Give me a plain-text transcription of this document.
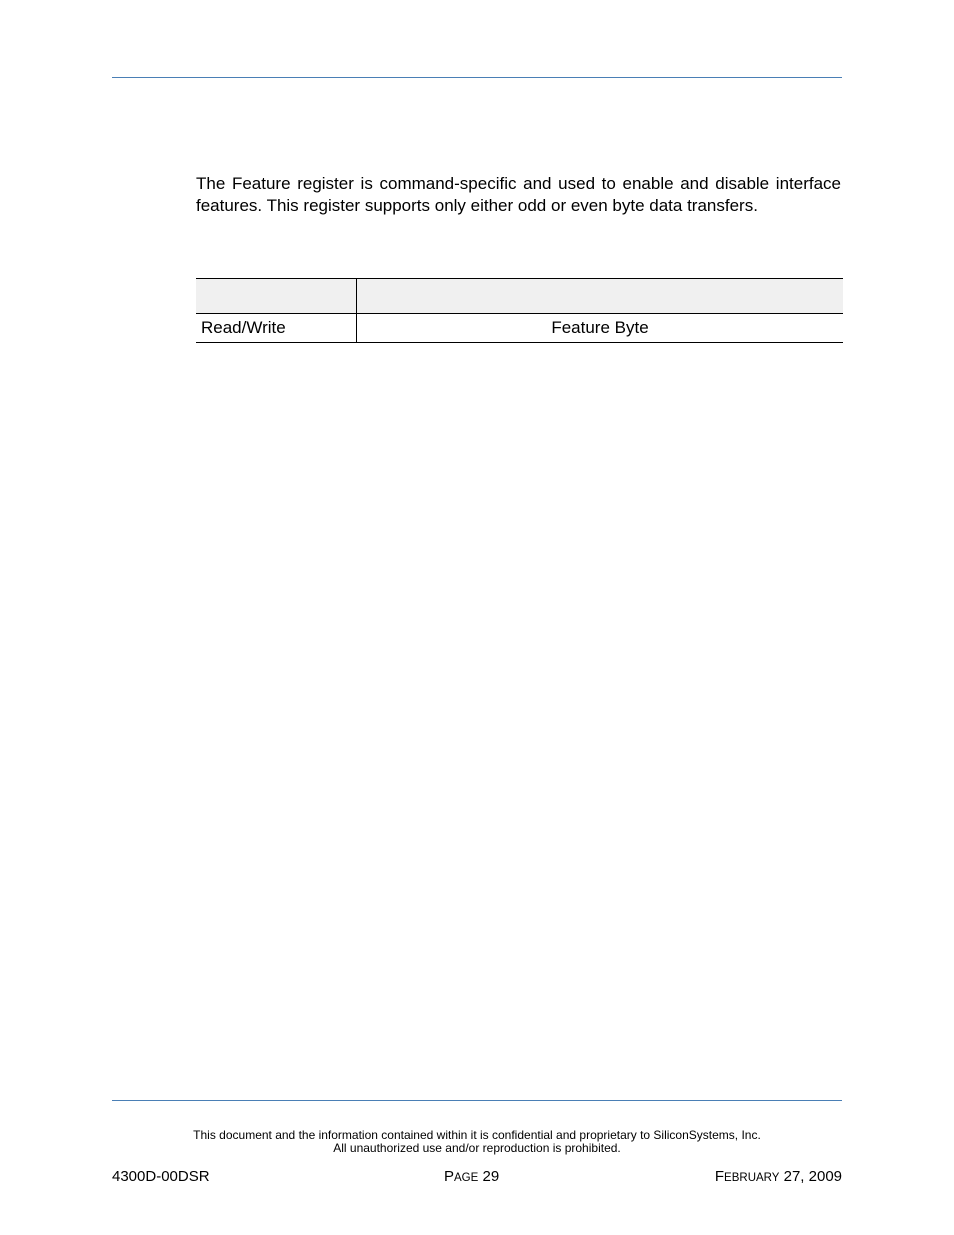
The Feature register is command-specific and used to enable and disable interface features. This register supports only either odd or even byte data transfers.

Read/Write	Feature Byte
This document and the information contained within it is confidential and proprietary to SiliconSystems, Inc.
All unauthorized use and/or reproduction is prohibited.
4300D-00DSR	PAGE 29	FEBRUARY 27, 2009
